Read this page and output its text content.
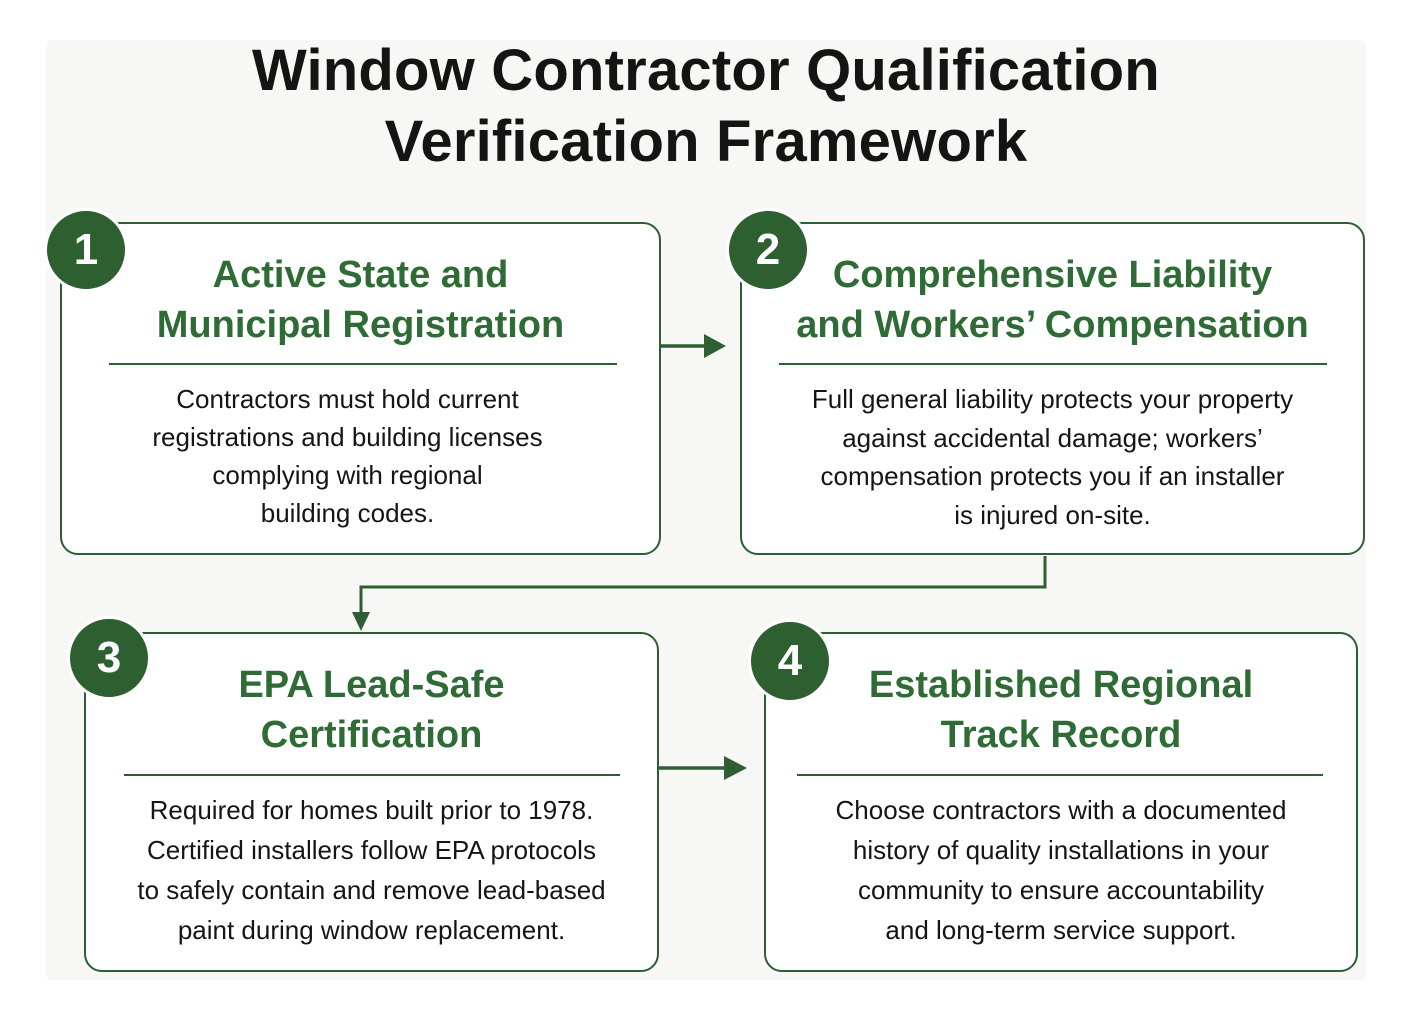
Window Contractor Qualification
Verification Framework
Active State and
Municipal Registration
Contractors must hold current
registrations and building licenses
complying with regional
building codes.
1
Comprehensive Liability
and Workers’ Compensation
Full general liability protects your property
against accidental damage; workers’
compensation protects you if an installer
is injured on-site.
2
EPA Lead-Safe
Certification
Required for homes built prior to 1978.
Certified installers follow EPA protocols
to safely contain and remove lead-based
paint during window replacement.
3
Established Regional
Track Record
Choose contractors with a documented
history of quality installations in your
community to ensure accountability
and long-term service support.
4
